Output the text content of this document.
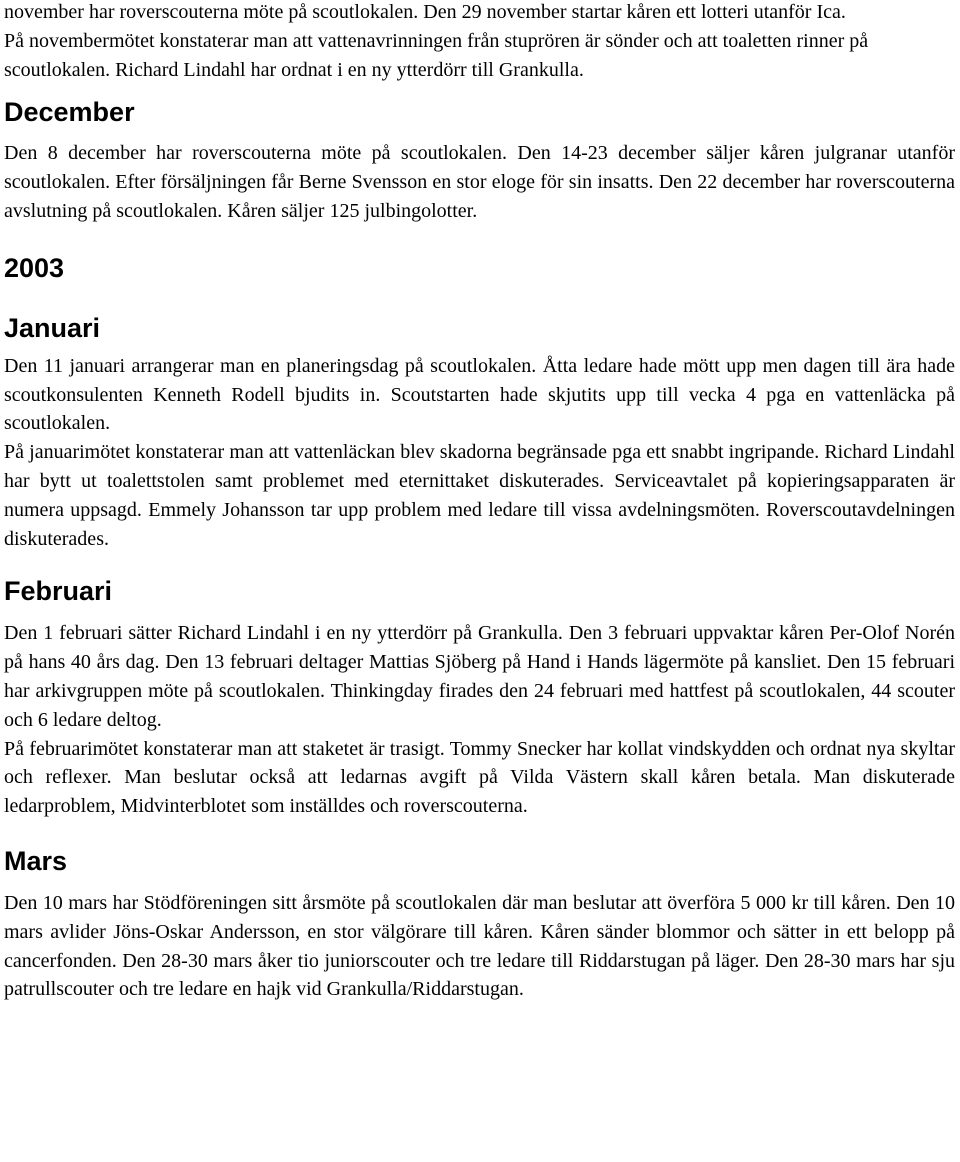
november har roverscouterna möte på scoutlokalen. Den 29 november startar kåren ett lotteri utanför Ica.

På novembermötet konstaterar man att vattenavrinningen från stuprören är sönder och att toaletten rinner på scoutlokalen. Richard Lindahl har ordnat i en ny ytterdörr till Grankulla.

December

Den 8 december har roverscouterna möte på scoutlokalen. Den 14-23 december säljer kåren julgranar utanför scoutlokalen. Efter försäljningen får Berne Svensson en stor eloge för sin insatts. Den 22 december har roverscouterna avslutning på scoutlokalen. Kåren säljer 125 julbingolotter.

2003
Januari

Den 11 januari arrangerar man en planeringsdag på scoutlokalen. Åtta ledare hade mött upp men dagen till ära hade scoutkonsulenten Kenneth Rodell bjudits in. Scoutstarten hade skjutits upp till vecka 4 pga en vattenläcka på scoutlokalen.

På januarimötet konstaterar man att vattenläckan blev skadorna begränsade pga ett snabbt ingripande. Richard Lindahl har bytt ut toalettstolen samt problemet med eternittaket diskuterades. Serviceavtalet på kopieringsapparaten är numera uppsagd. Emmely Johansson tar upp problem med ledare till vissa avdelningsmöten. Roverscoutavdelningen diskuterades.

Februari

Den 1 februari sätter Richard Lindahl i en ny ytterdörr på Grankulla. Den 3 februari uppvaktar kåren Per-Olof Norén på hans 40 års dag. Den 13 februari deltager Mattias Sjöberg på Hand i Hands lägermöte på kansliet. Den 15 februari har arkivgruppen möte på scoutlokalen. Thinkingday firades den 24 februari med hattfest på scoutlokalen, 44 scouter och 6 ledare deltog.

På februarimötet konstaterar man att staketet är trasigt. Tommy Snecker har kollat vindskydden och ordnat nya skyltar och reflexer. Man beslutar också att ledarnas avgift på Vilda Västern skall kåren betala. Man diskuterade ledarproblem, Midvinterblotet som inställdes och roverscouterna.

Mars

Den 10 mars har Stödföreningen sitt årsmöte på scoutlokalen där man beslutar att överföra 5 000 kr till kåren. Den 10 mars avlider Jöns-Oskar Andersson, en stor välgörare till kåren. Kåren sänder blommor och sätter in ett belopp på cancerfonden. Den 28-30 mars åker tio juniorscouter och tre ledare till Riddarstugan på läger. Den 28-30 mars har sju patrullscouter och tre ledare en hajk vid Grankulla/Riddarstugan.
